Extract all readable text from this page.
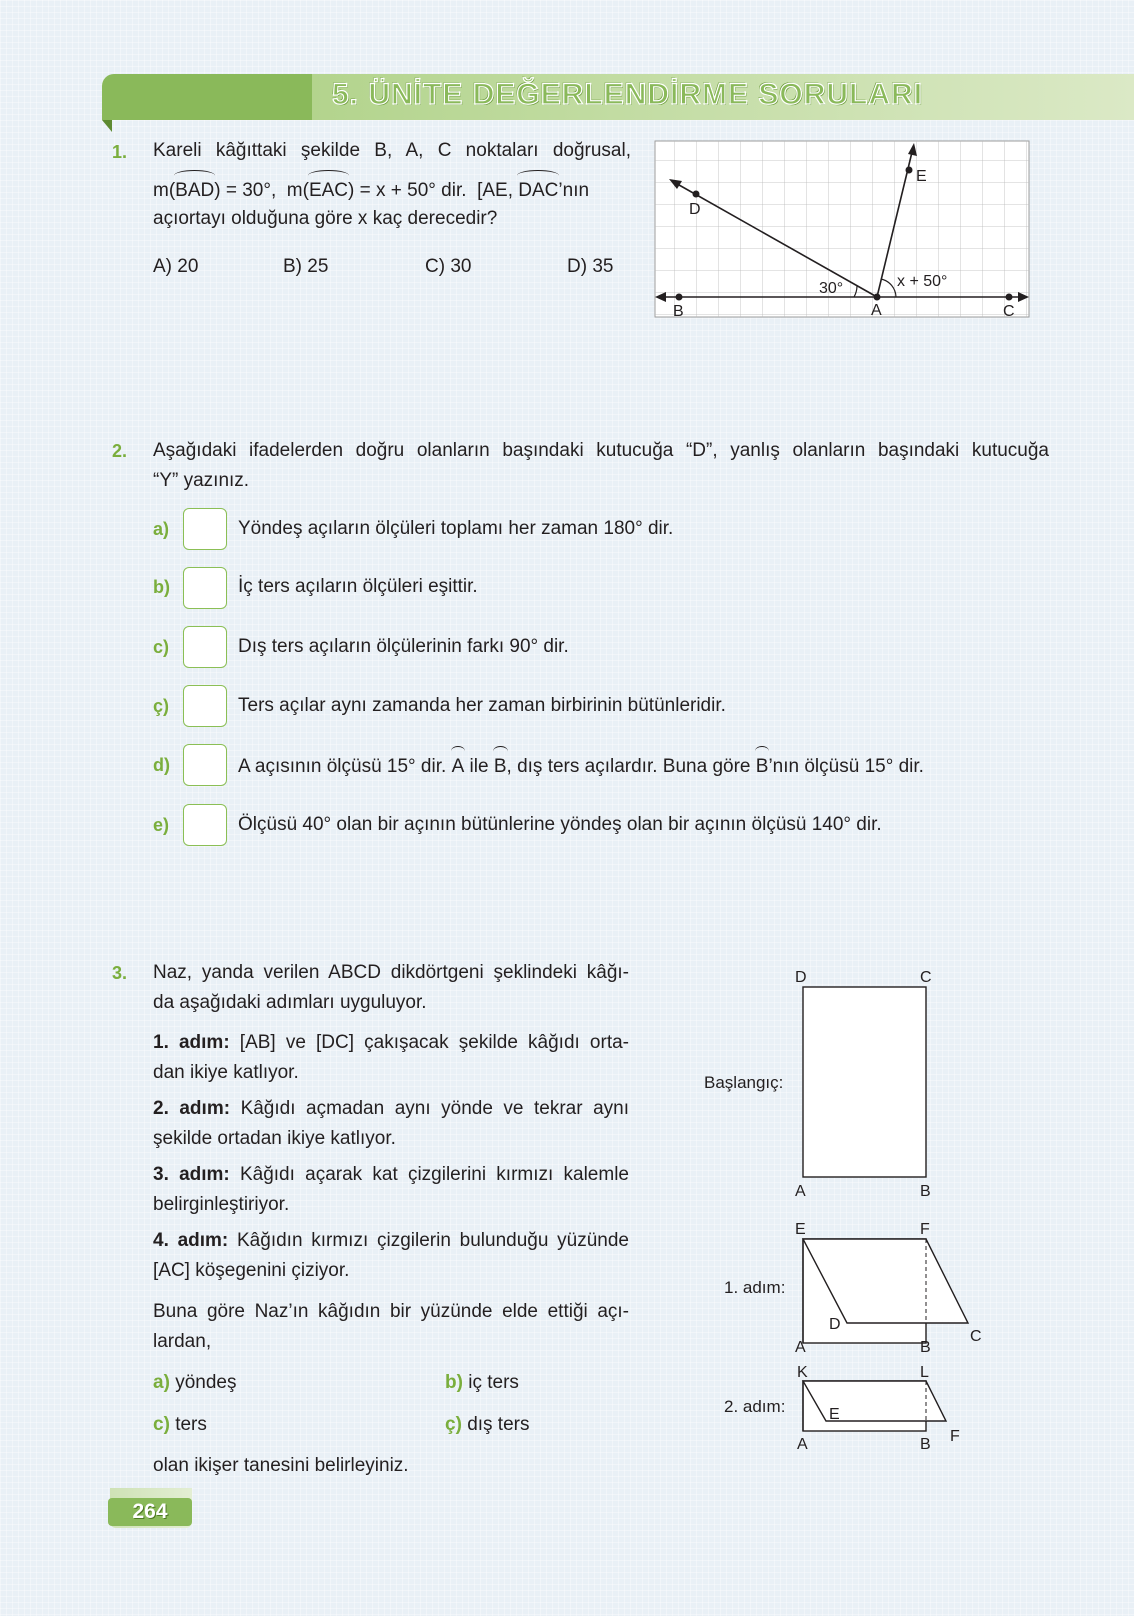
5. ÜNİTE DEĞERLENDİRME SORULARI
1. Kareli kâğıttaki şekilde B, A, C noktaları doğrusal,
m(BAD) = 30°, m(EAC) = x + 50° dir. [AE, DAC’nın
açıortayı olduğuna göre x kaç derecedir?
A) 20	B) 25	C) 30	D) 35
D
E
B	A	C
30°	x + 50°
2. Aşağıdaki ifadelerden doğru olanların başındaki kutucuğa “D”, yanlış olanların başındaki kutucuğa
“Y” yazınız.
a)	Yöndeş açıların ölçüleri toplamı her zaman 180° dir.
b)	İç ters açıların ölçüleri eşittir.
c)	Dış ters açıların ölçülerinin farkı 90° dir.
ç)	Ters açılar aynı zamanda her zaman birbirinin bütünleridir.
d)	A açısının ölçüsü 15° dir. A ile B, dış ters açılardır. Buna göre B’nın ölçüsü 15° dir.
e)	Ölçüsü 40° olan bir açının bütünlerine yöndeş olan bir açının ölçüsü 140° dir.
3. Naz, yanda verilen ABCD dikdörtgeni şeklindeki kâğı-
da aşağıdaki adımları uyguluyor.
1. adım: [AB] ve [DC] çakışacak şekilde kâğıdı orta-
dan ikiye katlıyor.
2. adım: Kâğıdı açmadan aynı yönde ve tekrar aynı
şekilde ortadan ikiye katlıyor.
3. adım: Kâğıdı açarak kat çizgilerini kırmızı kalemle
belirginleştiriyor.
4. adım: Kâğıdın kırmızı çizgilerin bulunduğu yüzünde
[AC] köşegenini çiziyor.
Buna göre Naz’ın kâğıdın bir yüzünde elde ettiği açı-
lardan,
a) yöndeş	b) iç ters
c) ters	ç) dış ters
olan ikişer tanesini belirleyiniz.
Başlangıç:
D	C
A	B
1. adım:
E	F
D
A	B
C
2. adım:
K	L
E
A	B F
264
